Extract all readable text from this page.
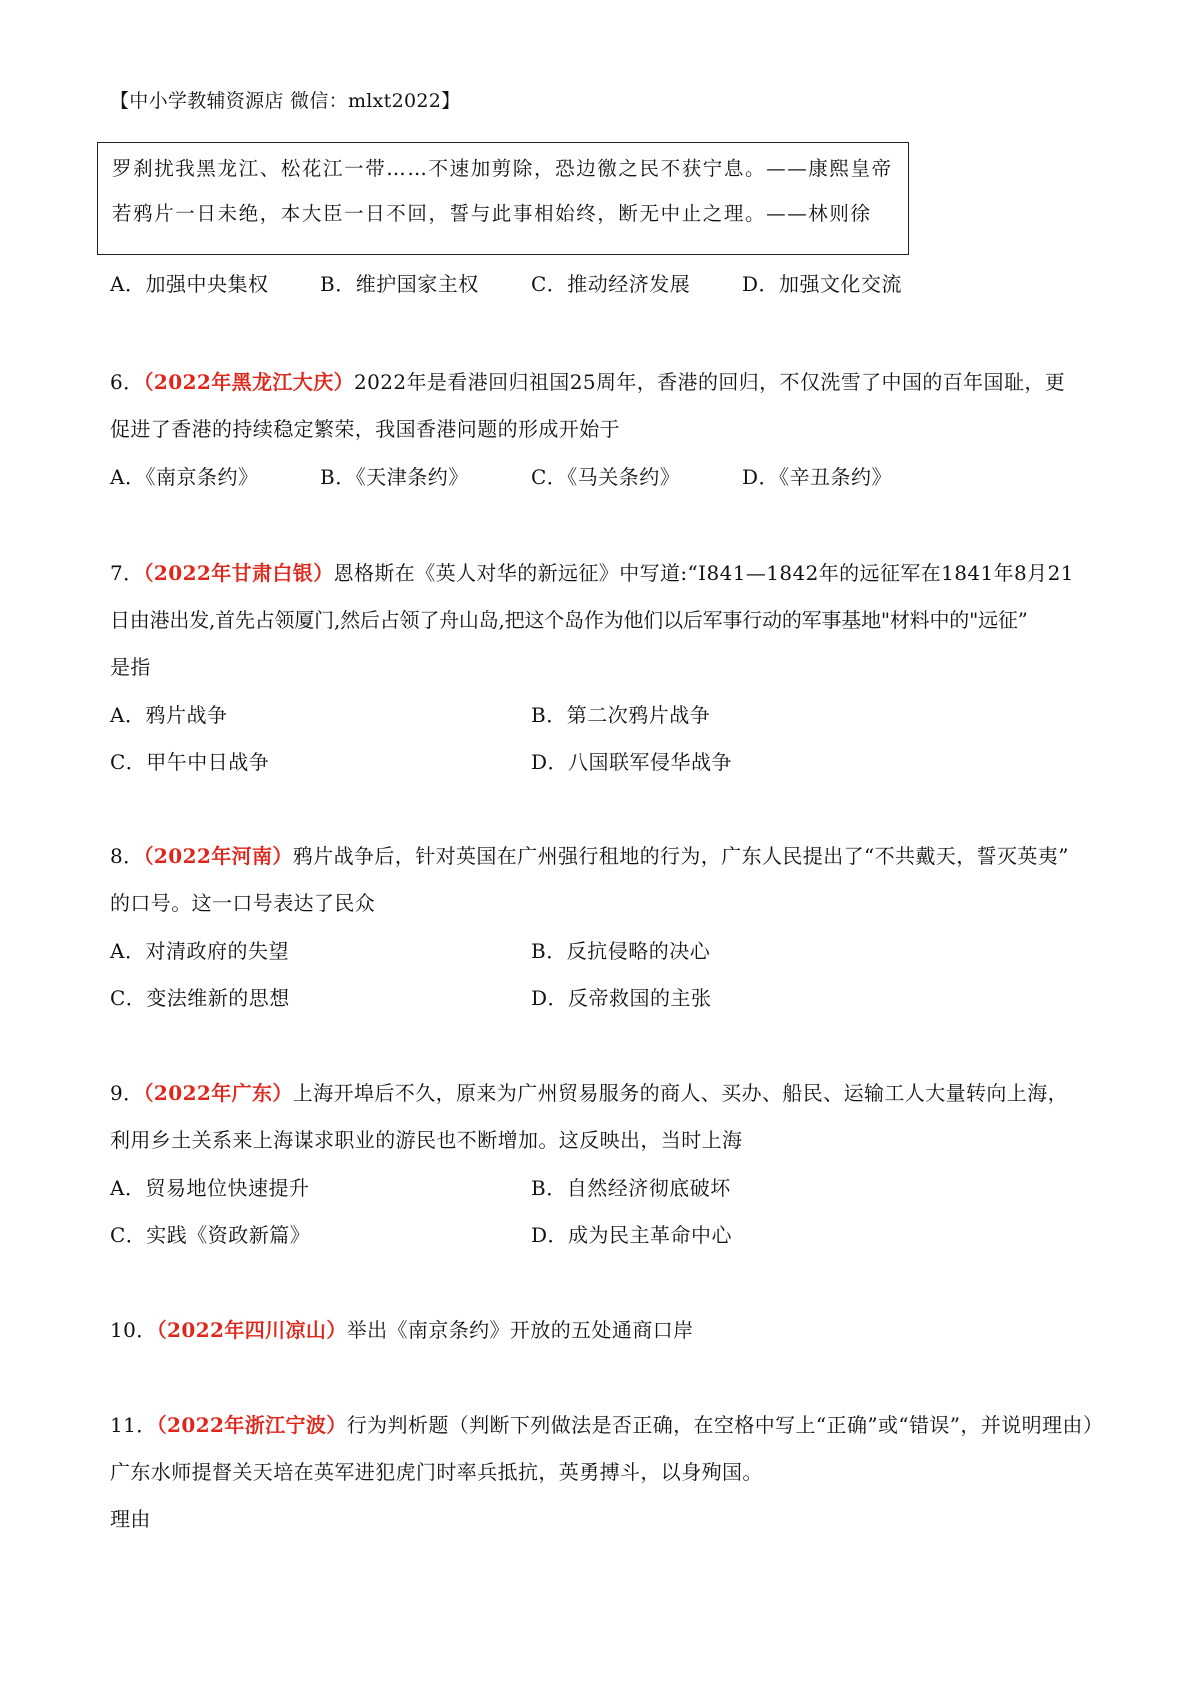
【中小学教辅资源店 微信：mlxt2022】
罗刹扰我黑龙江、松花江一带……不速加剪除，恐边徼之民不获宁息。——康熙皇帝
若鸦片一日未绝，本大臣一日不回，誓与此事相始终，断无中止之理。——林则徐
A．加强中央集权	B．维护国家主权	C．推动经济发展	D．加强文化交流
6．（2022年黑龙江大庆）2022年是看港回归祖国25周年，香港的回归，不仅洗雪了中国的百年国耻，更
促进了香港的持续稳定繁荣，我国香港问题的形成开始于
A．《南京条约》	B．《天津条约》	C．《马关条约》	D．《辛丑条约》
7．（2022年甘肃白银）恩格斯在《英人对华的新远征》中写道:“I841—1842年的远征军在1841年8月21
日由港出发,首先占领厦门,然后占领了舟山岛,把这个岛作为他们以后军事行动的军事基地"材料中的"远征”
是指
A．鸦片战争	B．第二次鸦片战争
C．甲午中日战争	D．八国联军侵华战争
8．（2022年河南）鸦片战争后，针对英国在广州强行租地的行为，广东人民提出了“不共戴天，誓灭英夷”
的口号。这一口号表达了民众
A．对清政府的失望	B．反抗侵略的决心
C．变法维新的思想	D．反帝救国的主张
9．（2022年广东）上海开埠后不久，原来为广州贸易服务的商人、买办、船民、运输工人大量转向上海，
利用乡土关系来上海谋求职业的游民也不断增加。这反映出，当时上海
A．贸易地位快速提升	B．自然经济彻底破坏
C．实践《资政新篇》	D．成为民主革命中心
10．（2022年四川凉山）举出《南京条约》开放的五处通商口岸
11．（2022年浙江宁波）行为判析题（判断下列做法是否正确，在空格中写上“正确”或“错误”，并说明理由）
广东水师提督关天培在英军进犯虎门时率兵抵抗，英勇搏斗，以身殉国。
理由
